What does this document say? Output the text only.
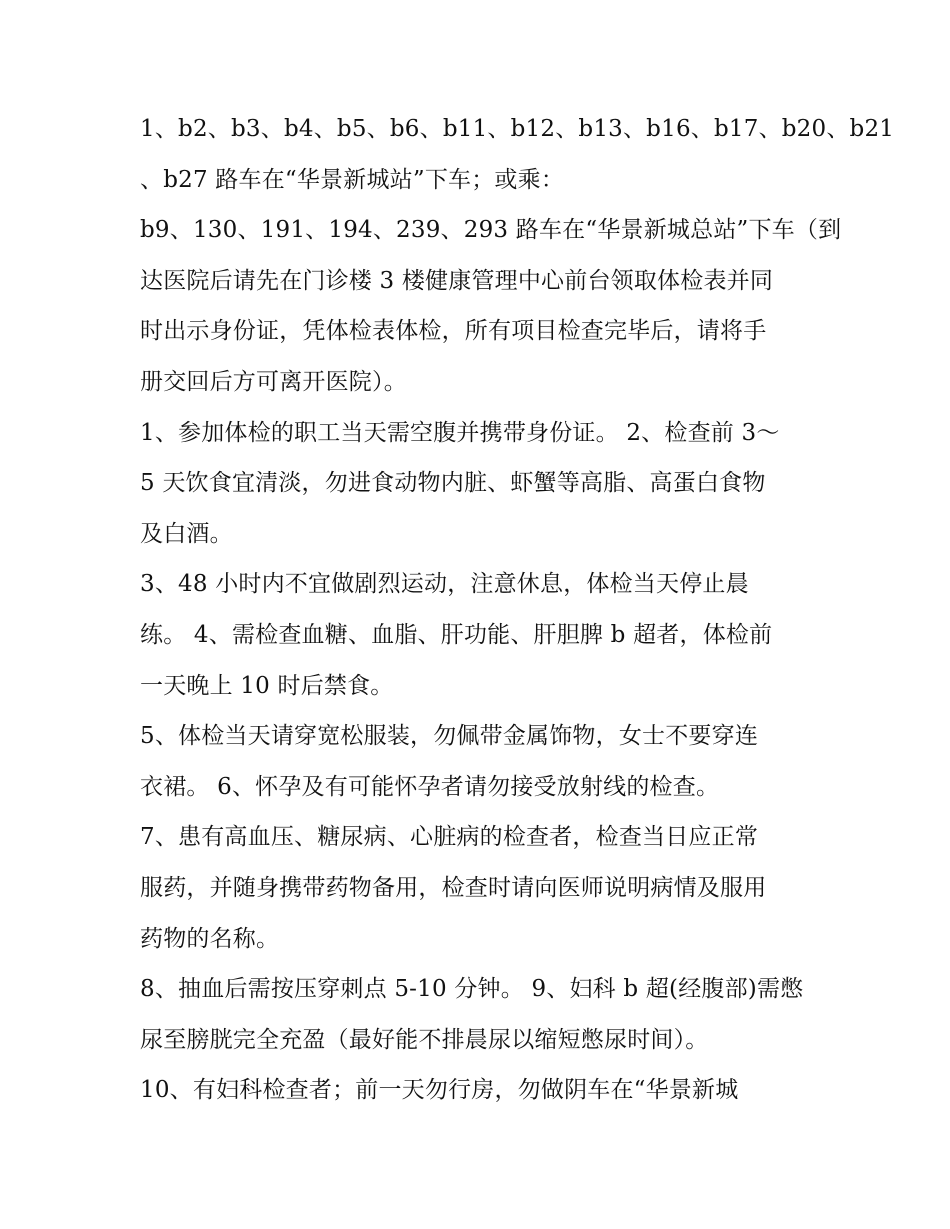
1、b2、b3、b4、b5、b6、b11、b12、b13、b16、b17、b20、b21
、b27 路车在“华景新城站”下车；或乘：
b9、130、191、194、239、293 路车在“华景新城总站”下车（到
达医院后请先在门诊楼 3 楼健康管理中心前台领取体检表并同
时出示身份证，凭体检表体检，所有项目检查完毕后，请将手
册交回后方可离开医院）。
1、参加体检的职工当天需空腹并携带身份证。 2、检查前 3～
5 天饮食宜清淡，勿进食动物内脏、虾蟹等高脂、高蛋白食物
及白酒。
3、48 小时内不宜做剧烈运动，注意休息，体检当天停止晨
练。 4、需检查血糖、血脂、肝功能、肝胆脾 b 超者，体检前
一天晚上 10 时后禁食。
5、体检当天请穿宽松服装，勿佩带金属饰物，女士不要穿连
衣裙。 6、怀孕及有可能怀孕者请勿接受放射线的检查。
7、患有高血压、糖尿病、心脏病的检查者，检查当日应正常
服药，并随身携带药物备用，检查时请向医师说明病情及服用
药物的名称。
8、抽血后需按压穿刺点 5-10 分钟。 9、妇科 b 超(经腹部)需憋
尿至膀胱完全充盈（最好能不排晨尿以缩短憋尿时间）。
10、有妇科检查者；前一天勿行房，勿做阴车在“华景新城
